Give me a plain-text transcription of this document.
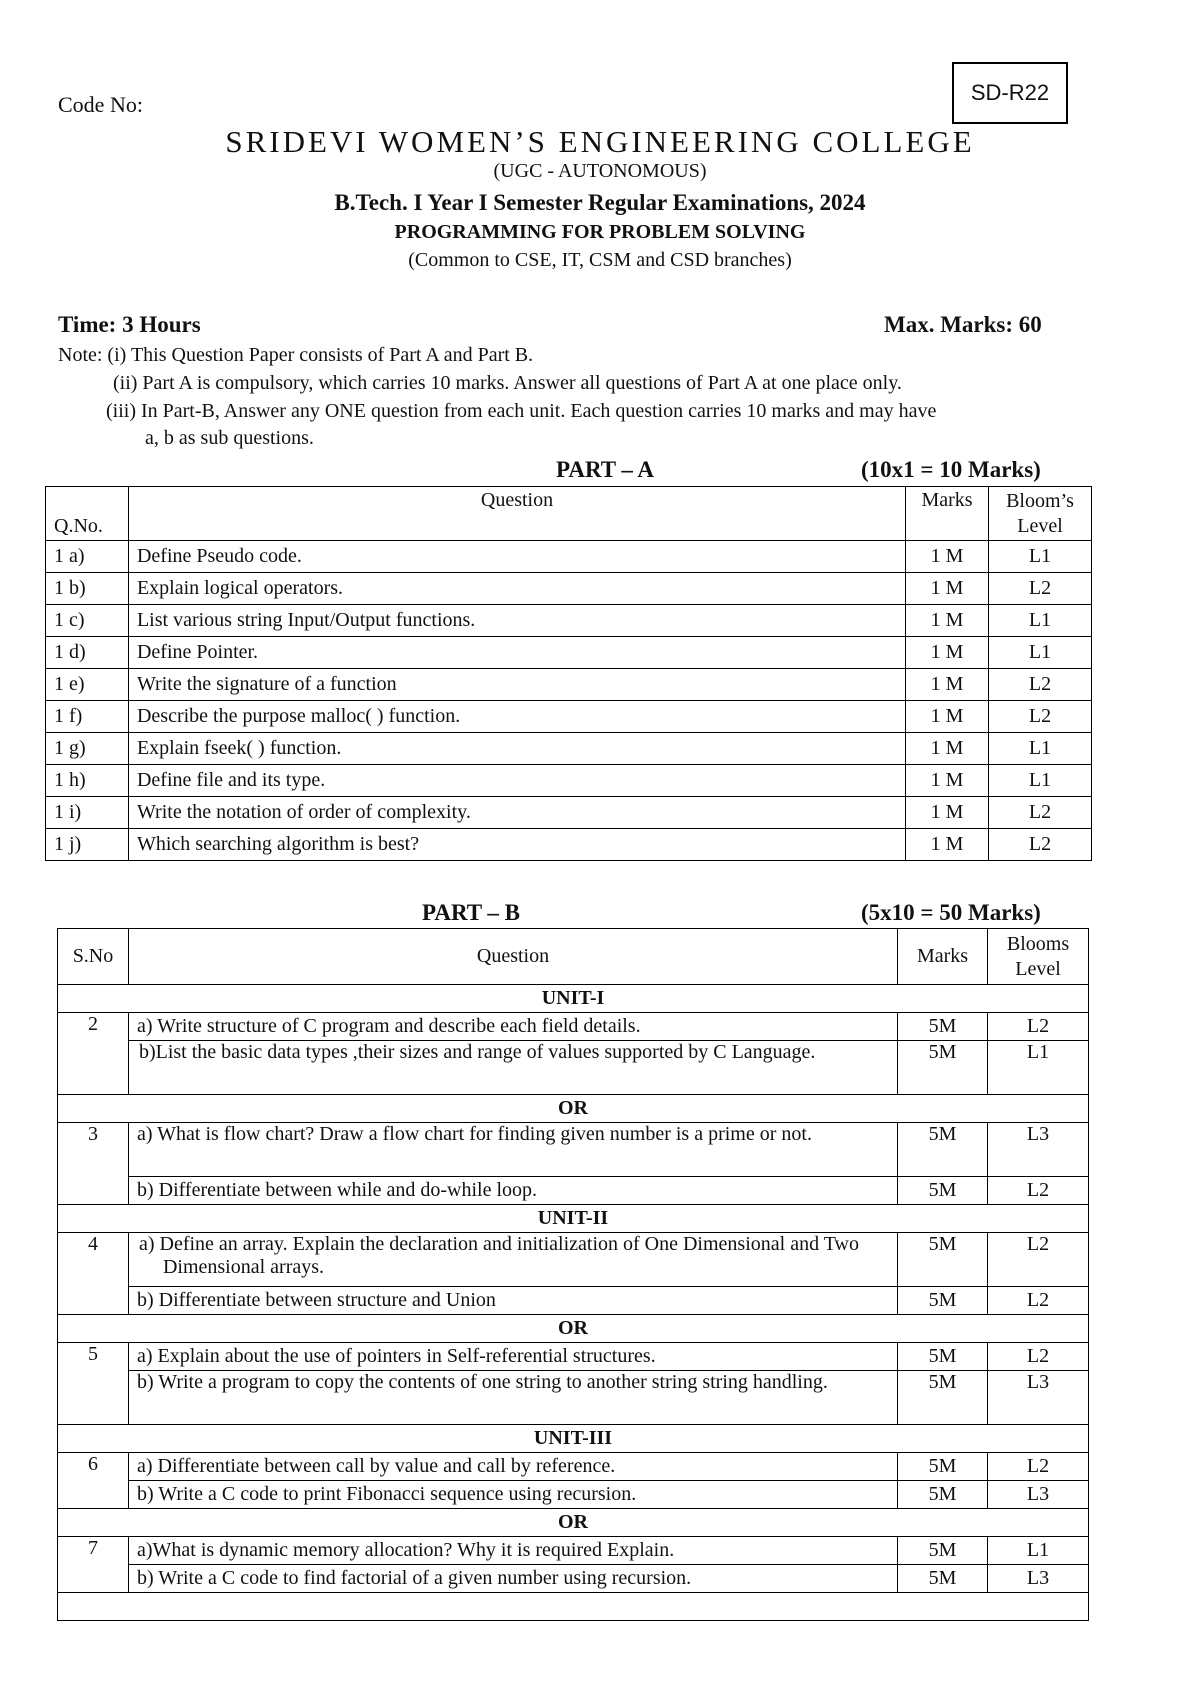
Code No:	SD-R22
SRIDEVI WOMEN’S ENGINEERING COLLEGE
(UGC - AUTONOMOUS)
B.Tech. I Year I Semester Regular Examinations, 2024
PROGRAMMING FOR PROBLEM SOLVING
(Common to CSE, IT, CSM and CSD branches)
Time: 3 Hours	Max. Marks: 60
Note: (i) This Question Paper consists of Part A and Part B.
(ii) Part A is compulsory, which carries 10 marks. Answer all questions of Part A at one place only.
(iii) In Part-B, Answer any ONE question from each unit. Each question carries 10 marks and may have
a, b as sub questions.
PART – A	(10x1 = 10 Marks)
Q.No.	Question	Marks	Bloom’s
Level
1 a)	Define Pseudo code.	1 M	L1
1 b)	Explain logical operators.	1 M	L2
1 c)	List various string Input/Output functions.	1 M	L1
1 d)	Define Pointer.	1 M	L1
1 e)	Write the signature of a function	1 M	L2
1 f)	Describe the purpose malloc( ) function.	1 M	L2
1 g)	Explain fseek( ) function.	1 M	L1
1 h)	Define file and its type.	1 M	L1
1 i)	Write the notation of order of complexity.	1 M	L2
1 j)	Which searching algorithm is best?	1 M	L2
PART – B	(5x10 = 50 Marks)
S.No	Question	Marks	Blooms
Level
UNIT-I			
2	a) Write structure of C program and describe each field details.	5M	L2
	b)List the basic data types ,their sizes and range of values supported by C Language.	5M	L1
OR			
3	a) What is flow chart? Draw a flow chart for finding given number is a prime or not.	5M	L3
	b) Differentiate between while and do-while loop.	5M	L2
UNIT-II			
4	a) Define an array. Explain the declaration and initialization of One Dimensional and Two Dimensional arrays.	5M	L2
	b) Differentiate between structure and Union	5M	L2
OR			
5	a) Explain about the use of pointers in Self-referential structures.	5M	L2
	b) Write a program to copy the contents of one string to another string string handling.	5M	L3
UNIT-III			
6	a) Differentiate between call by value and call by reference.	5M	L2
	b) Write a C code to print Fibonacci sequence using recursion.	5M	L3
OR			
7	a)What is dynamic memory allocation? Why it is required Explain.	5M	L1
	b) Write a C code to find factorial of a given number using recursion.	5M	L3
